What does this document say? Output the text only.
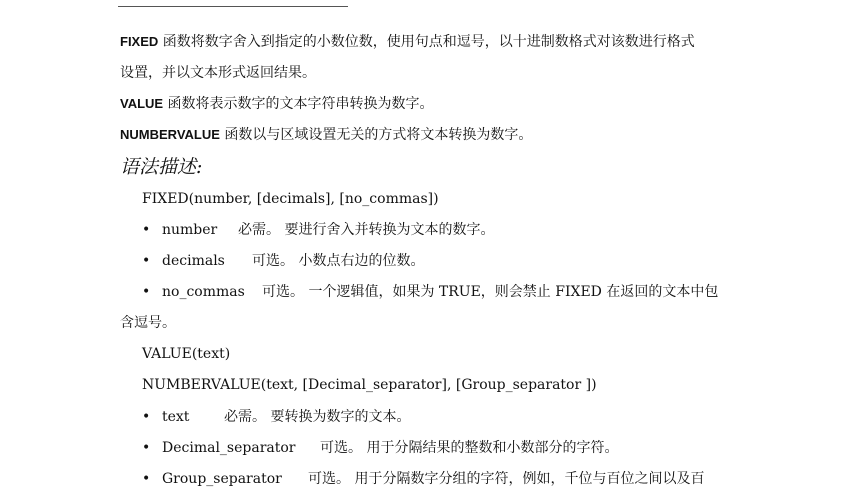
FIXED 函数将数字舍入到指定的小数位数，使用句点和逗号，以十进制数格式对该数进行格式
设置，并以文本形式返回结果。
VALUE 函数将表示数字的文本字符串转换为数字。
NUMBERVALUE 函数以与区域设置无关的方式将文本转换为数字。
语法描述:
FIXED(number, [decimals], [no_commas])
• number 必需。 要进行舍入并转换为文本的数字。
• decimals 可选。 小数点右边的位数。
• no_commas 可选。 一个逻辑值，如果为 TRUE，则会禁止 FIXED 在返回的文本中包
含逗号。
VALUE(text)
NUMBERVALUE(text, [Decimal_separator], [Group_separator ])
• text 必需。 要转换为数字的文本。
• Decimal_separator 可选。 用于分隔结果的整数和小数部分的字符。
• Group_separator 可选。 用于分隔数字分组的字符，例如，千位与百位之间以及百
